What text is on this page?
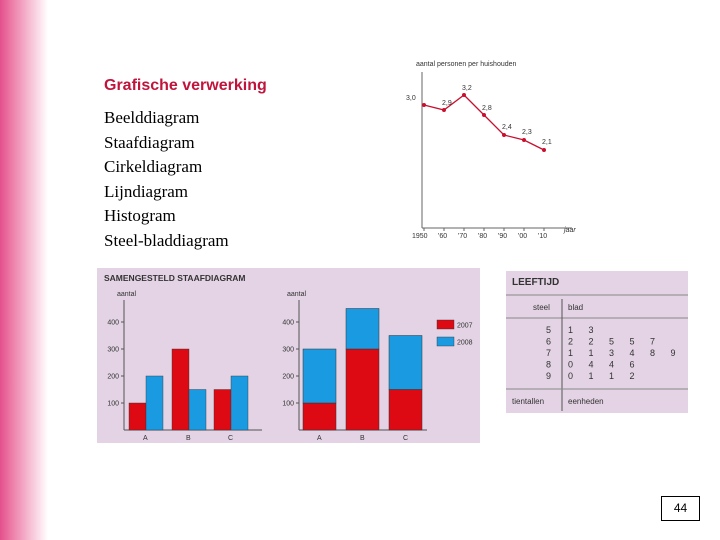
Grafische verwerking
Beelddiagram
Staafdiagram
Cirkeldiagram
Lijndiagram
Histogram
Steel-bladdiagram
aantal personen per huishouden
jaar
3,0
2,9
3,2
2,8
2,4
2,3
2,1
1950 '60 '70 '80 '90 '00 '10
SAMENGESTELD STAAFDIAGRAM
aantal	aantal
100
200
300
400
A	B	C
100
200
300
400
A	B	C
2007
2008
LEEFTIJD
steel blad
5 1 3
6 2 2 5 5 7
7 1 1 3 4 8 9
8 0 4 4 6
9 0 1 1 2
tientallen	eenheden
44
